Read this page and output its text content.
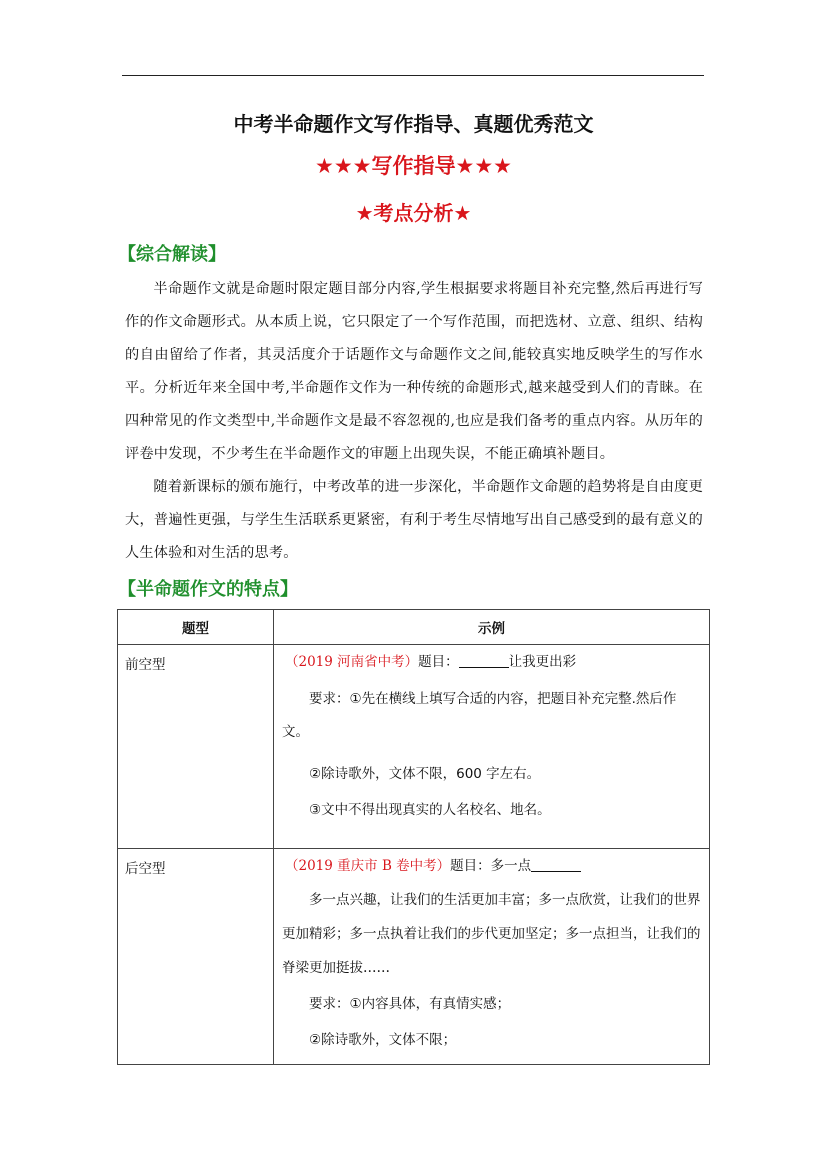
中考半命题作文写作指导、真题优秀范文
★★★写作指导★★★
★考点分析★
【综合解读】

半命题作文就是命题时限定题目部分内容,学生根据要求将题目补充完整,然后再进行写作的作文命题形式。从本质上说，它只限定了一个写作范围，而把选材、立意、组织、结构的自由留给了作者，其灵活度介于话题作文与命题作文之间,能较真实地反映学生的写作水平。分析近年来全国中考,半命题作文作为一种传统的命题形式,越来越受到人们的青睐。在四种常见的作文类型中,半命题作文是最不容忽视的,也应是我们备考的重点内容。从历年的评卷中发现，不少考生在半命题作文的审题上出现失误，不能正确填补题目。

随着新课标的颁布施行，中考改革的进一步深化，半命题作文命题的趋势将是自由度更大，普遍性更强，与学生生活联系更紧密，有利于考生尽情地写出自己感受到的最有意义的人生体验和对生活的思考。

【半命题作文的特点】
题型	示例
前空型	（2019 河南省中考）题目： 让我更出彩

要求：①先在横线上填写合适的内容，把题目补充完整.然后作文。

②除诗歌外，文体不限，600 字左右。

③文中不得出现真实的人名校名、地名。

后空型	（2019 重庆市 B 卷中考）题目：多一点

多一点兴趣，让我们的生活更加丰富；多一点欣赏，让我们的世界更加精彩；多一点执着让我们的步代更加坚定；多一点担当，让我们的脊梁更加挺拔……

要求：①内容具体，有真情实感；

②除诗歌外，文体不限；
